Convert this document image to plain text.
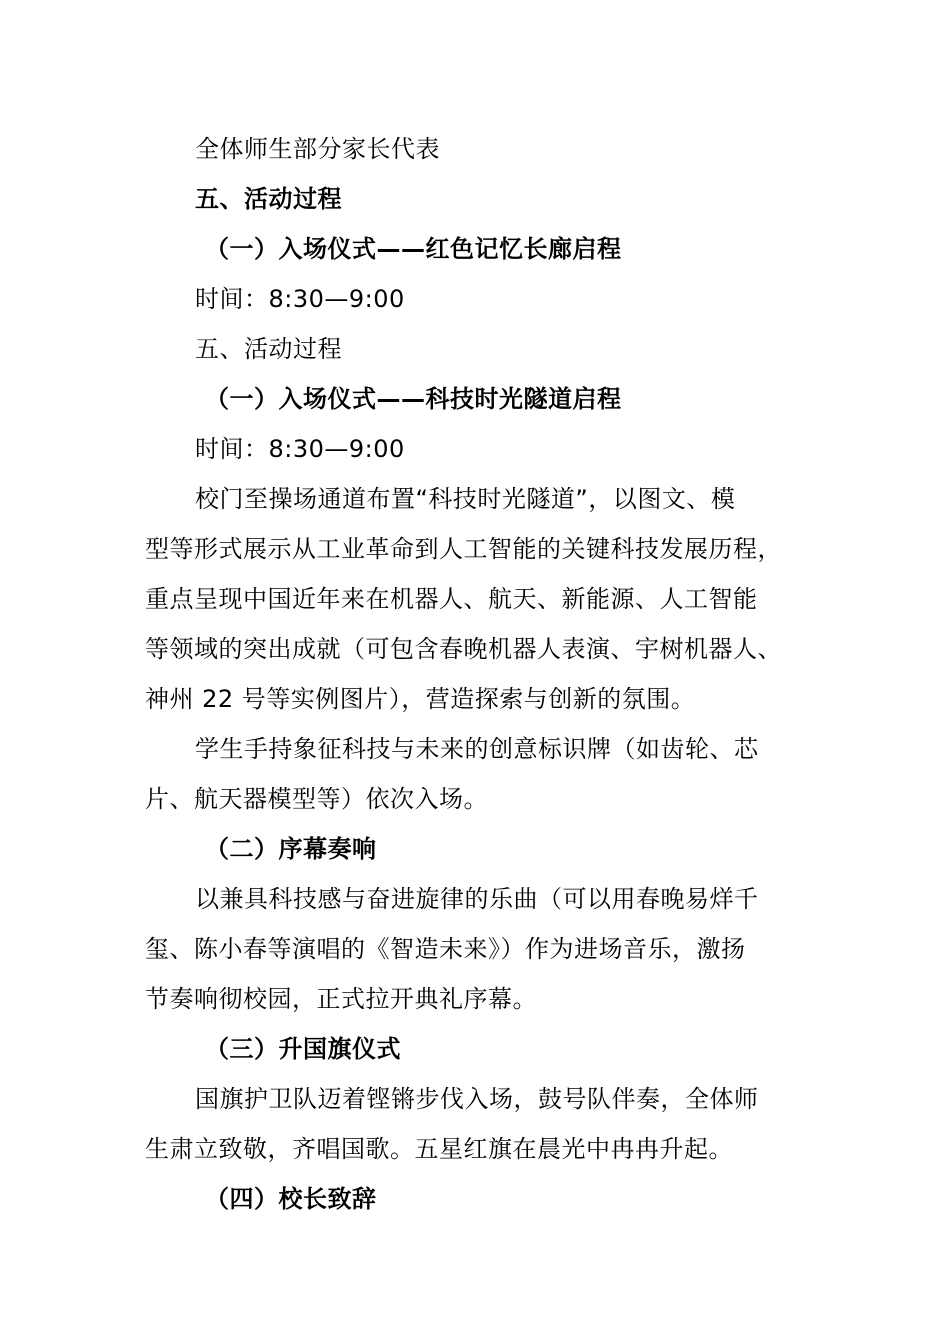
全体师生部分家长代表
五、活动过程
（一）入场仪式——红色记忆长廊启程
时间：8:30—9:00
五、活动过程
（一）入场仪式——科技时光隧道启程
时间：8:30—9:00
校门至操场通道布置“科技时光隧道”，以图文、模
型等形式展示从工业革命到人工智能的关键科技发展历程，
重点呈现中国近年来在机器人、航天、新能源、人工智能
等领域的突出成就（可包含春晚机器人表演、宇树机器人、
神州 22 号等实例图片），营造探索与创新的氛围。
学生手持象征科技与未来的创意标识牌（如齿轮、芯
片、航天器模型等）依次入场。
（二）序幕奏响
以兼具科技感与奋进旋律的乐曲（可以用春晚易烊千
玺、陈小春等演唱的《智造未来》）作为进场音乐，激扬
节奏响彻校园，正式拉开典礼序幕。
（三）升国旗仪式
国旗护卫队迈着铿锵步伐入场，鼓号队伴奏，全体师
生肃立致敬，齐唱国歌。五星红旗在晨光中冉冉升起。
（四）校长致辞
